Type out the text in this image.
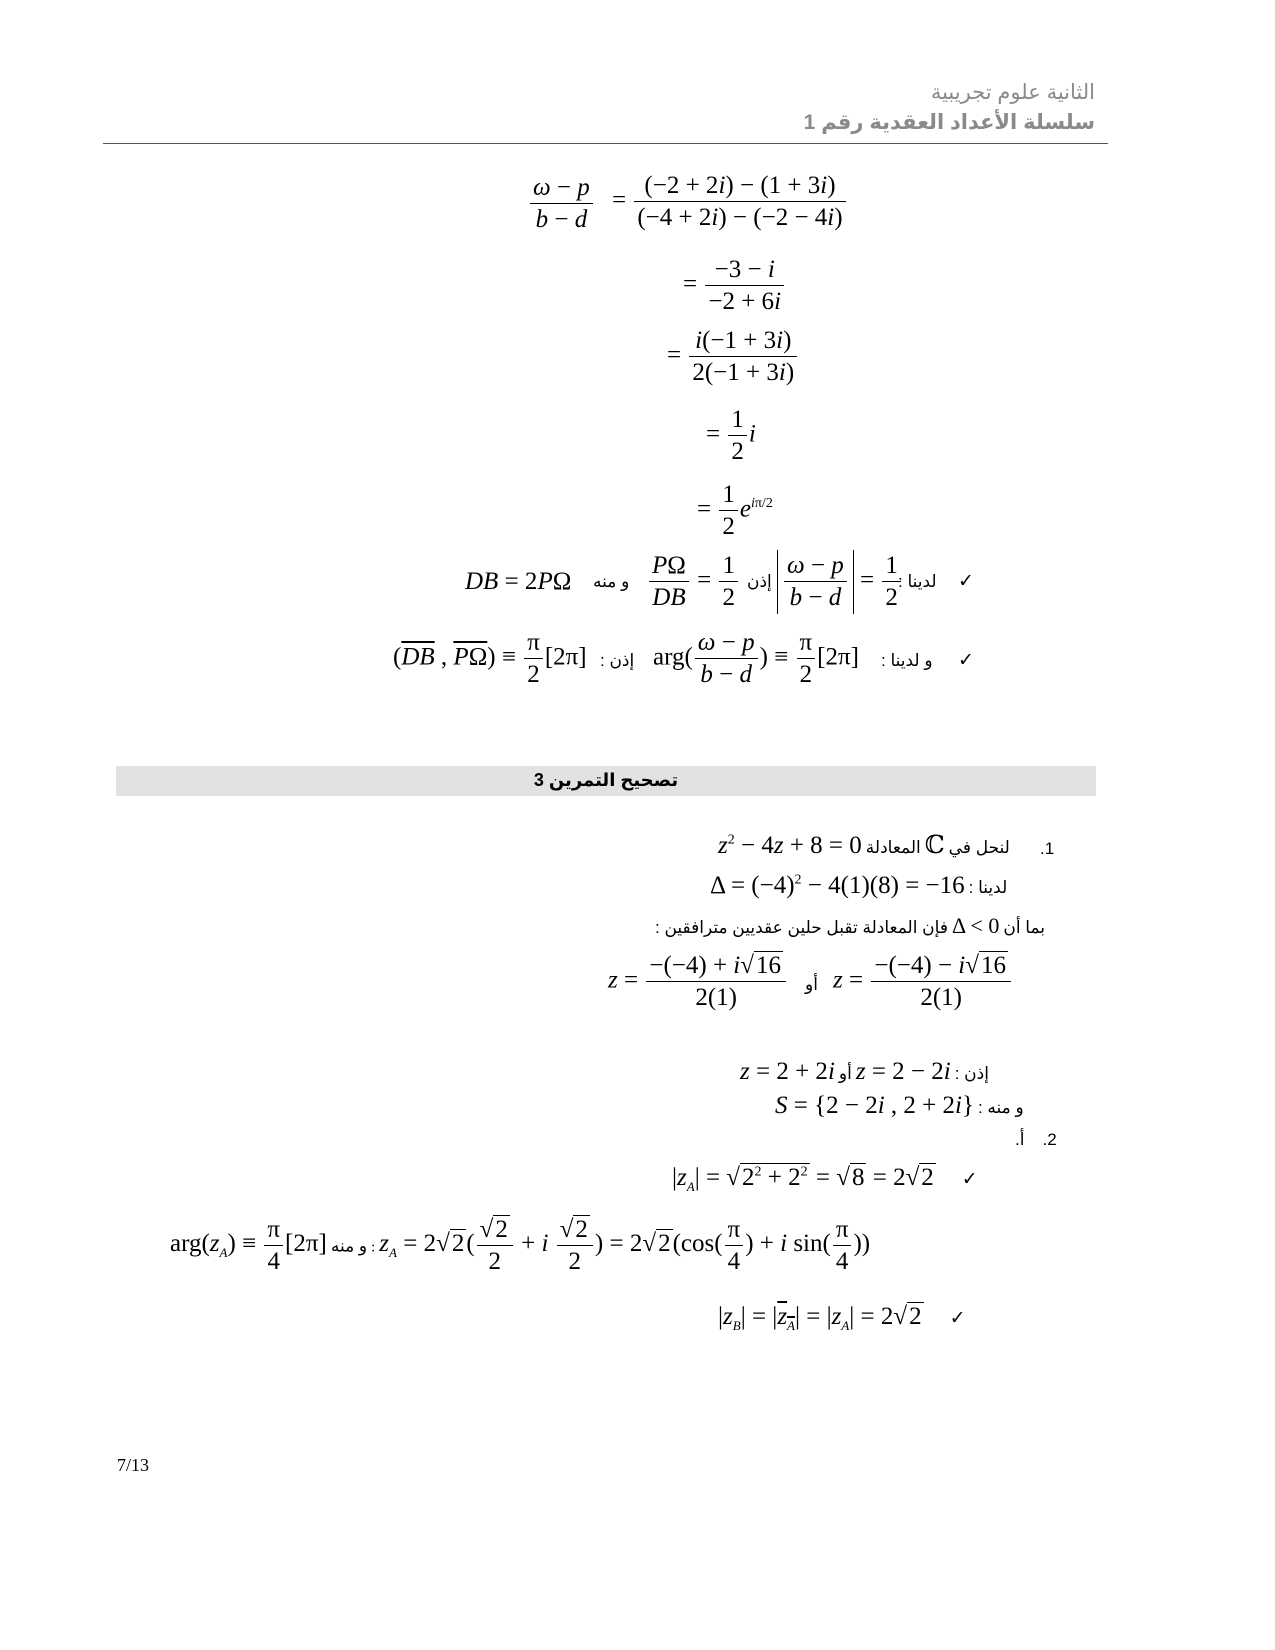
الثانية علوم تجريبية
سلسلة الأعداد العقدية رقم 1
$\frac{\omega - p}{b - d} = \frac{(-2 + 2i) - (1 + 3i)}{(-4 + 2i) - (-2 - 4i)}$
= $\frac{-3 - i}{-2 + 6i}$
= $\frac{i(-1 + 3i)}{2(-1 + 3i)}$
= $\frac{1}{2}$ i
= $\frac{1}{2} e^{i\pi/2}$
DB = 2PΩ و منه $\frac{P\Omega}{DB} = \frac{1}{2}$ إذن $\frac{\omega - p}{b - d} = \frac{1}{2}$
لدينا : ✓
($\overline{DB}$ , $P\Omega) \equiv \frac{\pi}{2} [2\pi]$ إذن : $arg( \frac{\omega - p}{b - d}$ ) ≡ $\frac{\pi}{2} [2\pi]$ و لدينا : ✓
تصحيح التمرين 3
1.
$z^2 - 4z + 8 = 0$ المعادلة ℂ لنحل في
$\Delta = (-4)^2 - 4(1)(8) = -16$ لدينا :
فإن المعادلة تقبل حلين عقديين مترافقين : Δ < 0 بما أن
$z = \frac{-(-4) + i√16}{2(1)}$ أو $z = \frac{-(-4) - i√16}{2(1)}$
z = 2 + 2i أو z = 2 − 2i إذن :
S = {2 − 2i , 2 + 2i} و منه :
أ. 2.
$|z_A| = √2^2 + 2^2 = √8 = 2√2$ ✓
$arg(z_A) \equiv \frac{\pi}{4} [2\pi]$ و منه : $z_A = 2√2( \frac{√2}{2} + i \frac{√2}{2}$ ) = $2√2(\cos( \frac{\pi}{4}$ ) + i $\sin( \frac{\pi}{4}$ ))
$|z_B| = |z_A| = |z_A| = 2√2$ ✓
7/13
